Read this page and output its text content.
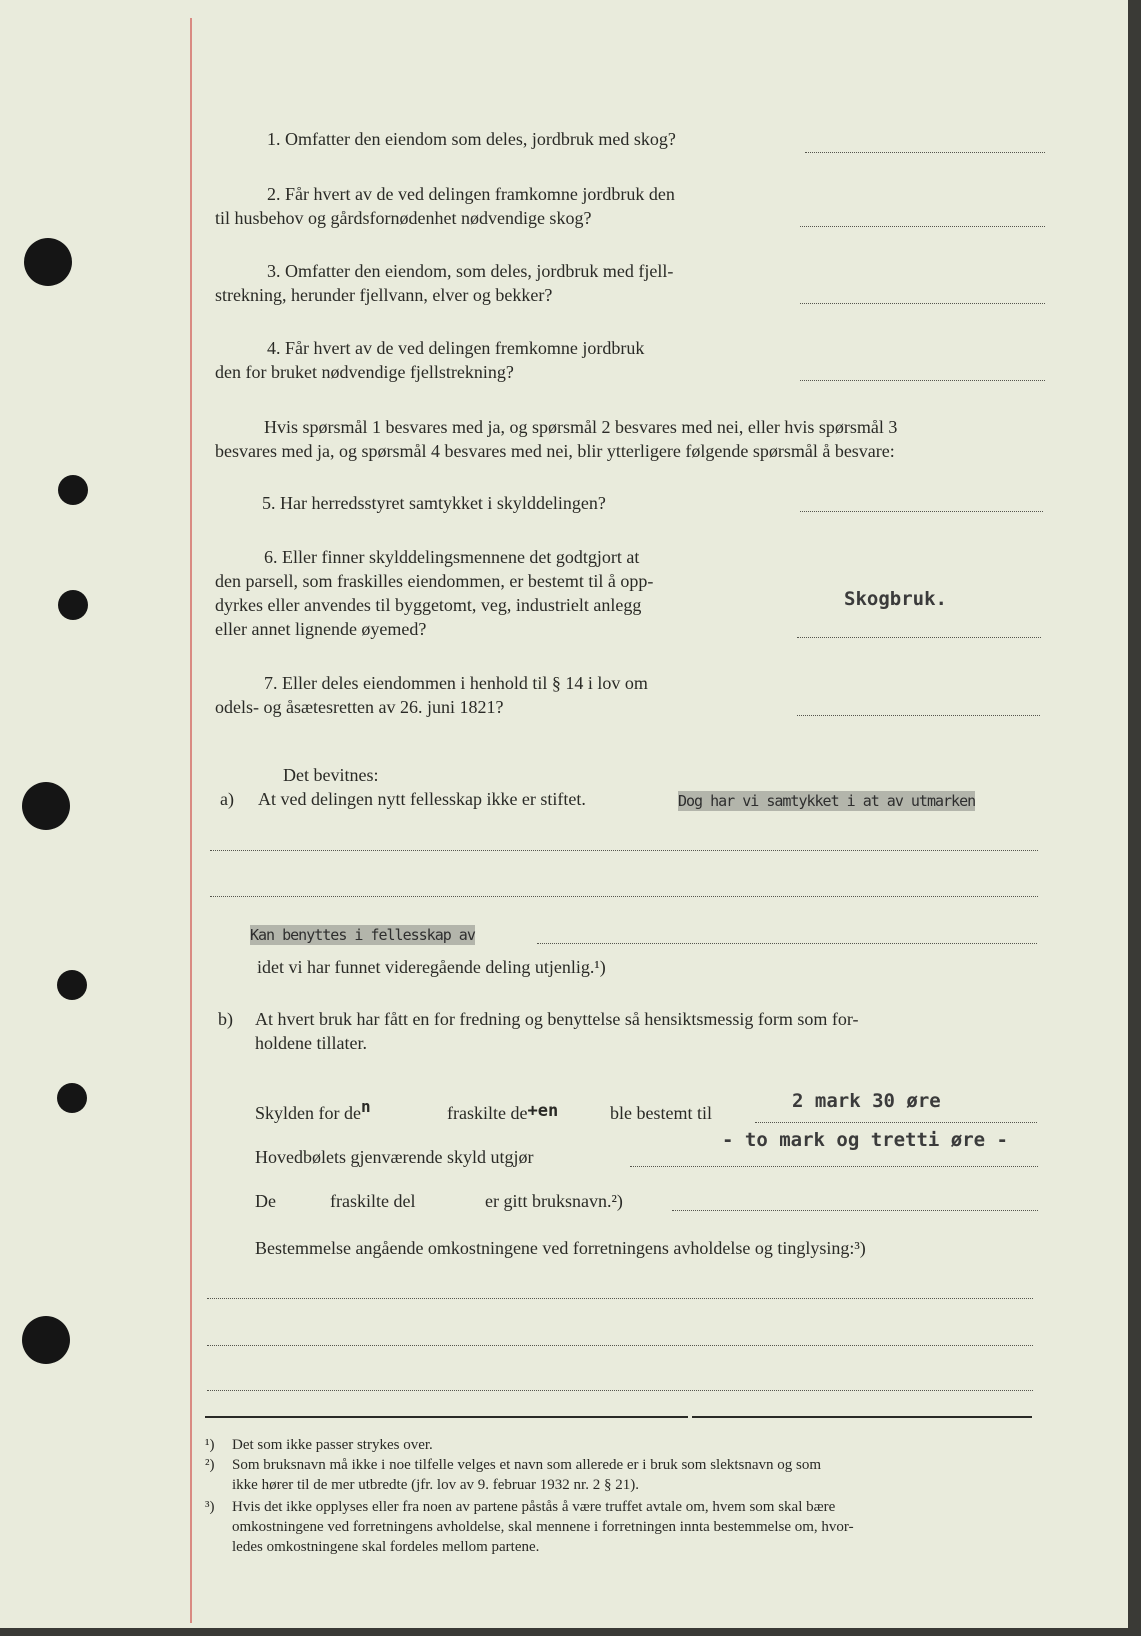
1. Omfatter den eiendom som deles, jordbruk med skog?
2. Får hvert av de ved delingen framkomne jordbruk den
til husbehov og gårdsfornødenhet nødvendige skog?
3. Omfatter den eiendom, som deles, jordbruk med fjell-
strekning, herunder fjellvann, elver og bekker?
4. Får hvert av de ved delingen fremkomne jordbruk
den for bruket nødvendige fjellstrekning?
Hvis spørsmål 1 besvares med ja, og spørsmål 2 besvares med nei, eller hvis spørsmål 3
besvares med ja, og spørsmål 4 besvares med nei, blir ytterligere følgende spørsmål å besvare:
5. Har herredsstyret samtykket i skylddelingen?
6. Eller finner skylddelingsmennene det godtgjort at
den parsell, som fraskilles eiendommen, er bestemt til å opp-
dyrkes eller anvendes til byggetomt, veg, industrielt anlegg
eller annet lignende øyemed?
Skogbruk.
7. Eller deles eiendommen i henhold til § 14 i lov om
odels- og åsætesretten av 26. juni 1821?
Det bevitnes:
a) At ved delingen nytt fellesskap ikke er stiftet.	Dog har vi samtykket i at av utmarken
Kan benyttes i fellesskap av
idet vi har funnet videregående deling utjenlig.¹)
b) At hvert bruk har fått en for fredning og benyttelse så hensiktsmessig form som for-
holdene tillater.
Skylden for den	fraskilte de+en	ble bestemt til
2 mark 30 øre
- to mark og tretti øre -
Hovedbølets gjenværende skyld utgjør
De	fraskilte del	er gitt bruksnavn.²)
Bestemmelse angående omkostningene ved forretningens avholdelse og tinglysing:³)
¹) Det som ikke passer strykes over.
²) Som bruksnavn må ikke i noe tilfelle velges et navn som allerede er i bruk som slektsnavn og som
ikke hører til de mer utbredte (jfr. lov av 9. februar 1932 nr. 2 § 21).
³) Hvis det ikke opplyses eller fra noen av partene påstås å være truffet avtale om, hvem som skal bære
omkostningene ved forretningens avholdelse, skal mennene i forretningen innta bestemmelse om, hvor-
ledes omkostningene skal fordeles mellom partene.
